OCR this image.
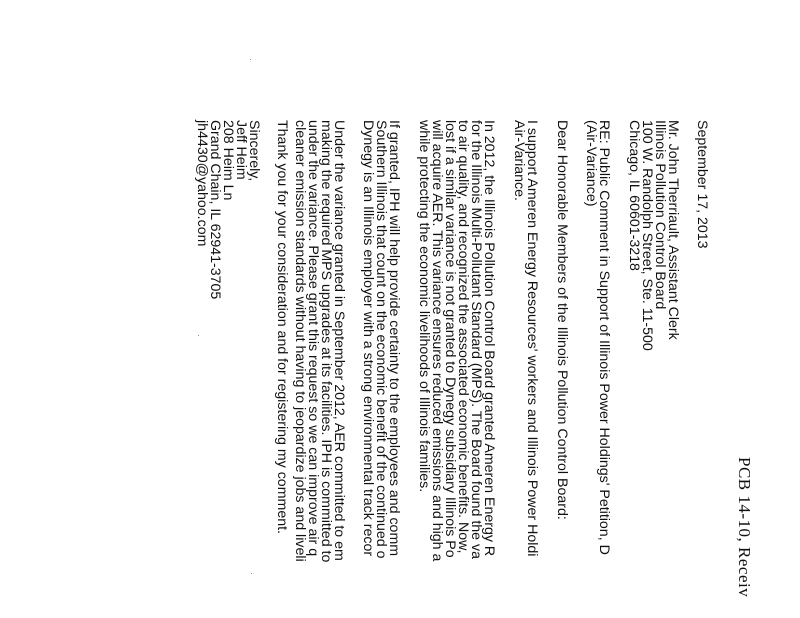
PCB 14-10, Receiv

September 17, 2013

Mr. John Therriault, Assistant Clerk

Illinois Pollution Control Board

100 W. Randolph Street, Ste. 11-500

Chicago, IL 60601-3218

RE: Public Comment in Support of Illinois Power Holdings' Petition, D

(Air-Variance)

Dear Honorable Members of the Illinois Pollution Control Board:

I support Ameren Energy Resources' workers and Illinois Power Holdi

Air-Variance.

In 2012, the Illinois Pollution Control Board granted Ameren Energy R

for the Illinois Multi-Pollutant Standard (MPS). The Board found the va

to air quality, and recognized the associated economic benefits. Now,

lost if a similar variance is not granted to Dynegy subsidiary Illinois Po

will acquire AER. This variance ensures reduced emissions and high a

while protecting the economic livelihoods of Illinois families.

If granted, IPH will help provide certainty to the employees and comm

Southern Illinois that count on the economic benefit of the continued o

Dynegy is an Illinois employer with a strong environmental track recor

Under the variance granted in September 2012, AER committed to em

making the required MPS upgrades at its facilities. IPH is committed to

under the variance. Please grant this request so we can improve air q

cleaner emission standards without having to jeopardize jobs and liveli

Thank you for your consideration and for registering my comment.

Sincerely,

Jeff Heim

208 Heim Ln

Grand Chain, IL 62941-3705

jh4430@yahoo.com
